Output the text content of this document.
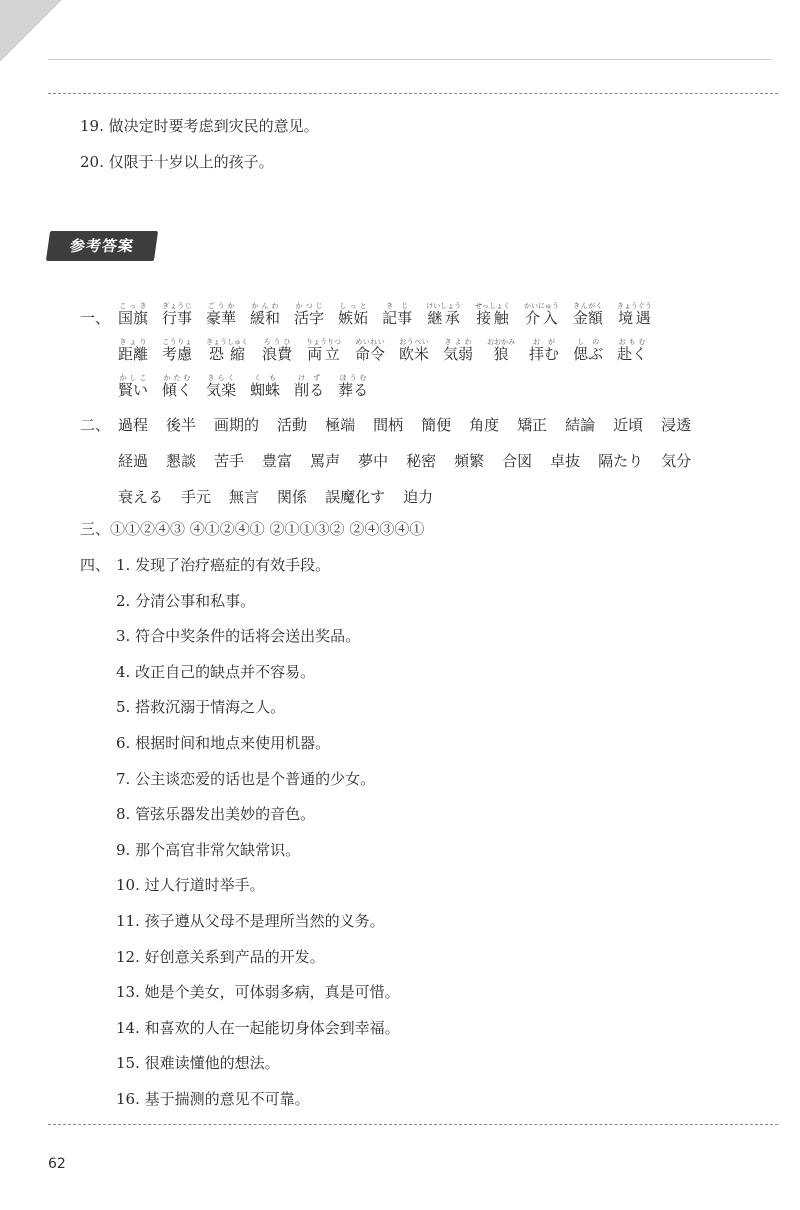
19. 做决定时要考虑到灾民的意见。
20. 仅限于十岁以上的孩子。
参考答案
一、 国旗こっき行事ぎょうじ豪華ごうか緩和かんわ活字かつじ嫉妬しっと記事きじ継承けいしょう接触せっしょく介入かいにゅう金額きんがく境遇きょうぐう
距離きょり考慮こうりょ恐縮きょうしゅく浪費ろうひ両立りょうりつ命令めいれい欧米おうべい気弱きよわ狼おおかみ拝むおが偲ぶしの赴くおもむ
賢いかしこ傾くかたむ気楽きらく蜘蛛くも削るけず葬るほうむ
二、 過程 後半 画期的 活動 極端 間柄 簡便 角度 矯正 結論 近頃 浸透
経過 懇談 苦手 豊富 罵声 夢中 秘密 頻繁 合図 卓抜 隔たり 気分
衰える 手元 無言 関係 誤魔化す 迫力
三、①①②④③ ④①②④① ②①①③② ②④③④①
四、 1. 发现了治疗癌症的有效手段。
2. 分清公事和私事。
3. 符合中奖条件的话将会送出奖品。
4. 改正自己的缺点并不容易。
5. 搭救沉溺于情海之人。
6. 根据时间和地点来使用机器。
7. 公主谈恋爱的话也是个普通的少女。
8. 管弦乐器发出美妙的音色。
9. 那个高官非常欠缺常识。
10. 过人行道时举手。
11. 孩子遵从父母不是理所当然的义务。
12. 好创意关系到产品的开发。
13. 她是个美女，可体弱多病，真是可惜。
14. 和喜欢的人在一起能切身体会到幸福。
15. 很难读懂他的想法。
16. 基于揣测的意见不可靠。
62
